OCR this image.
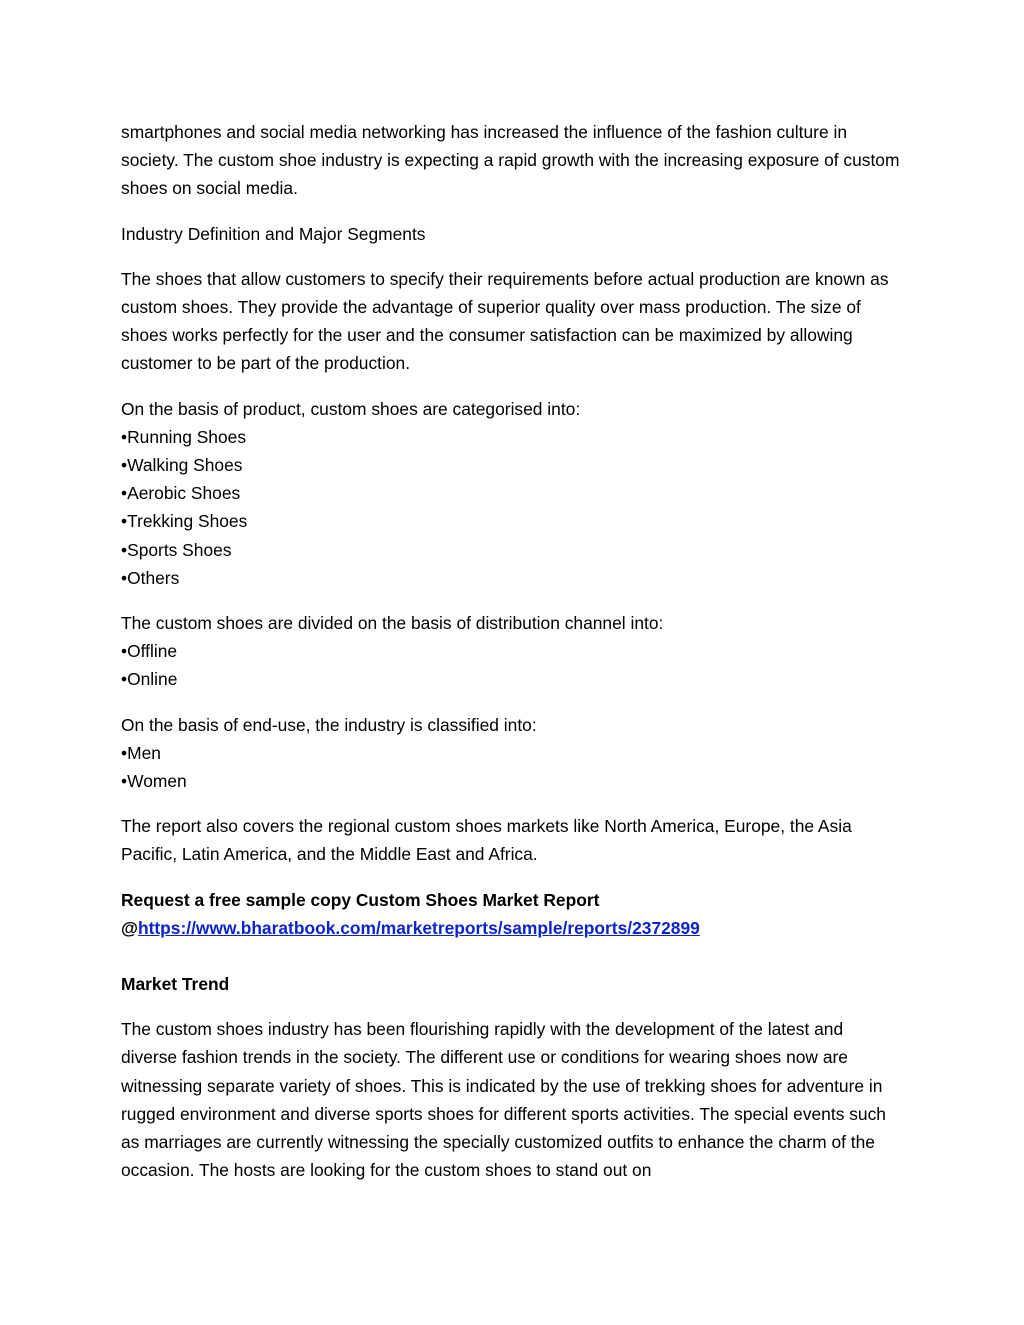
smartphones and social media networking has increased the influence of the fashion culture in society. The custom shoe industry is expecting a rapid growth with the increasing exposure of custom shoes on social media.

Industry Definition and Major Segments

The shoes that allow customers to specify their requirements before actual production are known as custom shoes. They provide the advantage of superior quality over mass production. The size of shoes works perfectly for the user and the consumer satisfaction can be maximized by allowing customer to be part of the production.

On the basis of product, custom shoes are categorised into:
• Running Shoes
• Walking Shoes
• Aerobic Shoes
• Trekking Shoes
• Sports Shoes
• Others
The custom shoes are divided on the basis of distribution channel into:
• Offline
• Online
On the basis of end-use, the industry is classified into:
• Men
• Women

The report also covers the regional custom shoes markets like North America, Europe, the Asia Pacific, Latin America, and the Middle East and Africa.

Request a free sample copy Custom Shoes Market Report
@https://www.bharatbook.com/marketreports/sample/reports/2372899

Market Trend

The custom shoes industry has been flourishing rapidly with the development of the latest and diverse fashion trends in the society. The different use or conditions for wearing shoes now are witnessing separate variety of shoes. This is indicated by the use of trekking shoes for adventure in rugged environment and diverse sports shoes for different sports activities. The special events such as marriages are currently witnessing the specially customized outfits to enhance the charm of the occasion. The hosts are looking for the custom shoes to stand out on
